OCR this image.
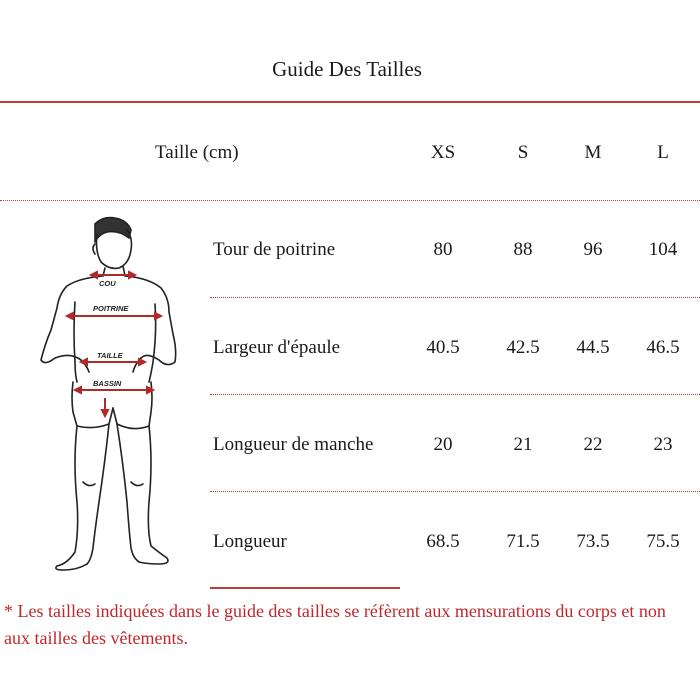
Guide Des Tailles
Taille (cm)	XS	S	M	L
Tour de poitrine	80	88	96	104
Largeur d'épaule	40.5	42.5	44.5	46.5
Longueur de manche	20	21	22	23
Longueur	68.5	71.5	73.5	75.5
COU
POITRINE
TAILLE
BASSIN
* Les tailles indiquées dans le guide des tailles se réfèrent aux mensurations du corps et non aux tailles des vêtements.
